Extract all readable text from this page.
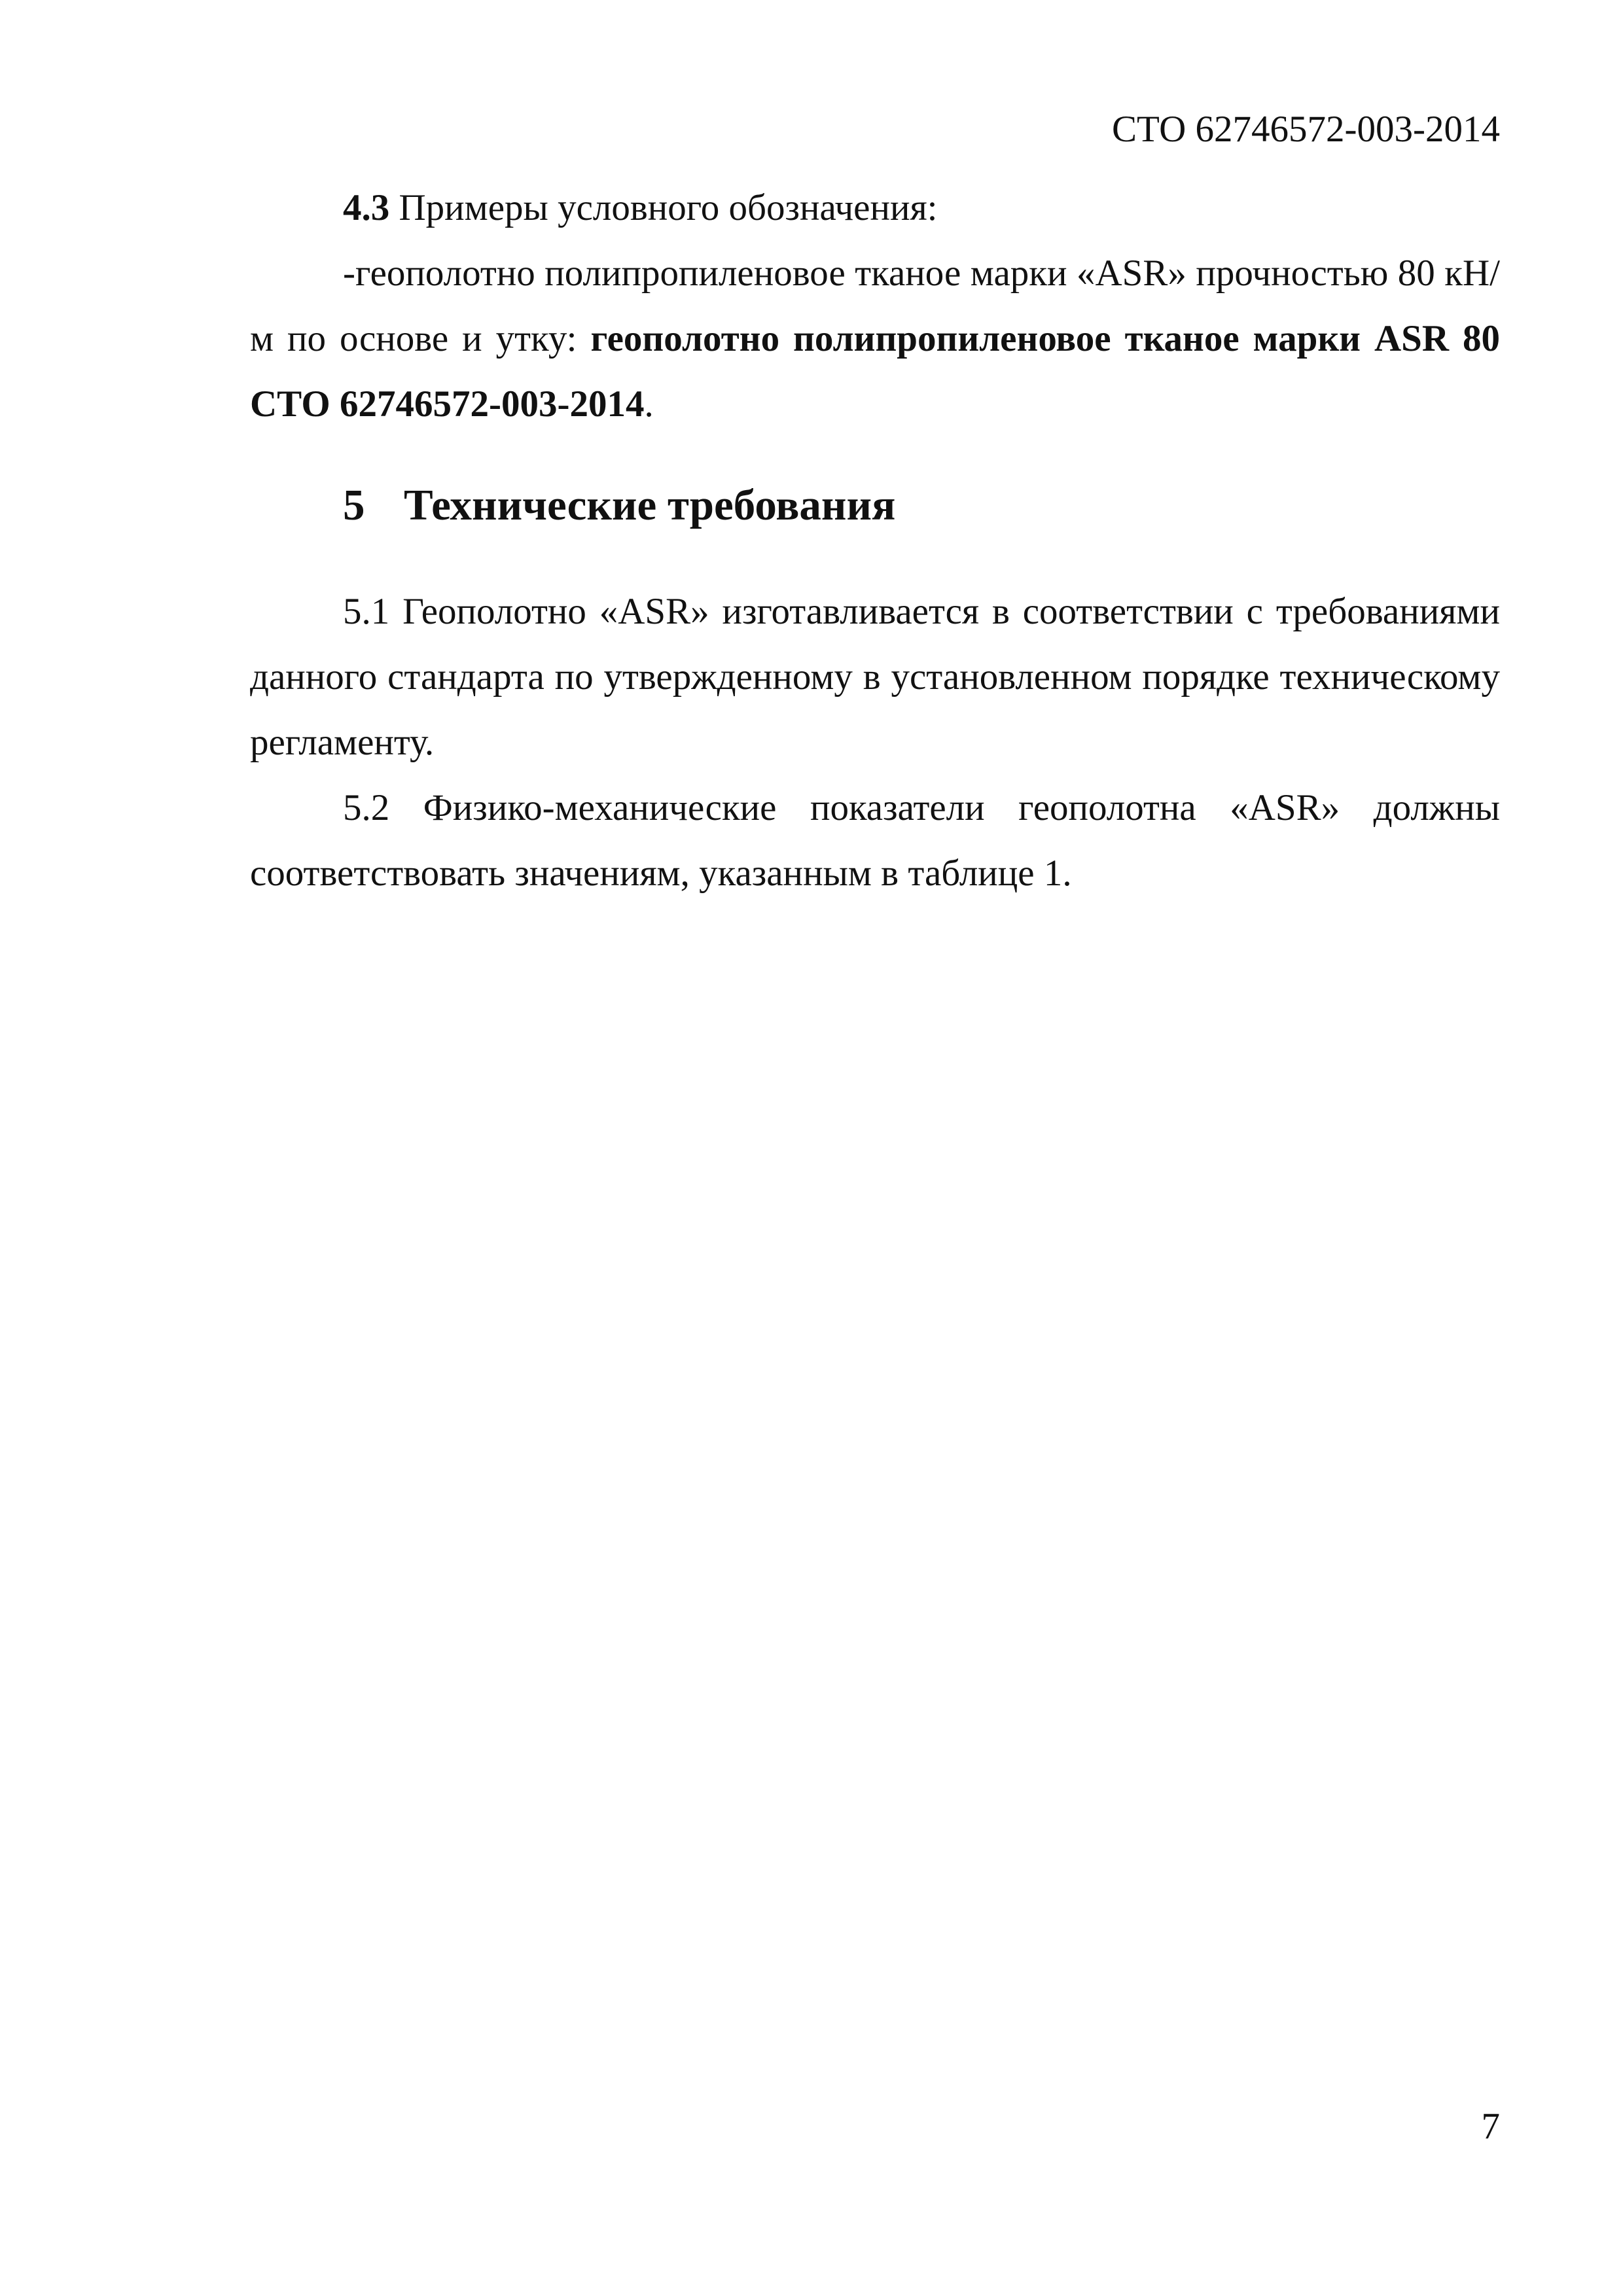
СТО 62746572-003-2014

4.3 Примеры условного обозначения:

-геополотно полипропиленовое тканое марки «ASR» прочностью 80 кН/м по основе и утку: геополотно полипропиленовое тканое марки ASR 80 СТО 62746572-003-2014.

5 Технические требования

5.1 Геополотно «ASR» изготавливается в соответствии с требованиями данного стандарта по утвержденному в установленном порядке техническому регламенту.

5.2 Физико-механические показатели геополотна «ASR» должны соответствовать значениям, указанным в таблице 1.

7
